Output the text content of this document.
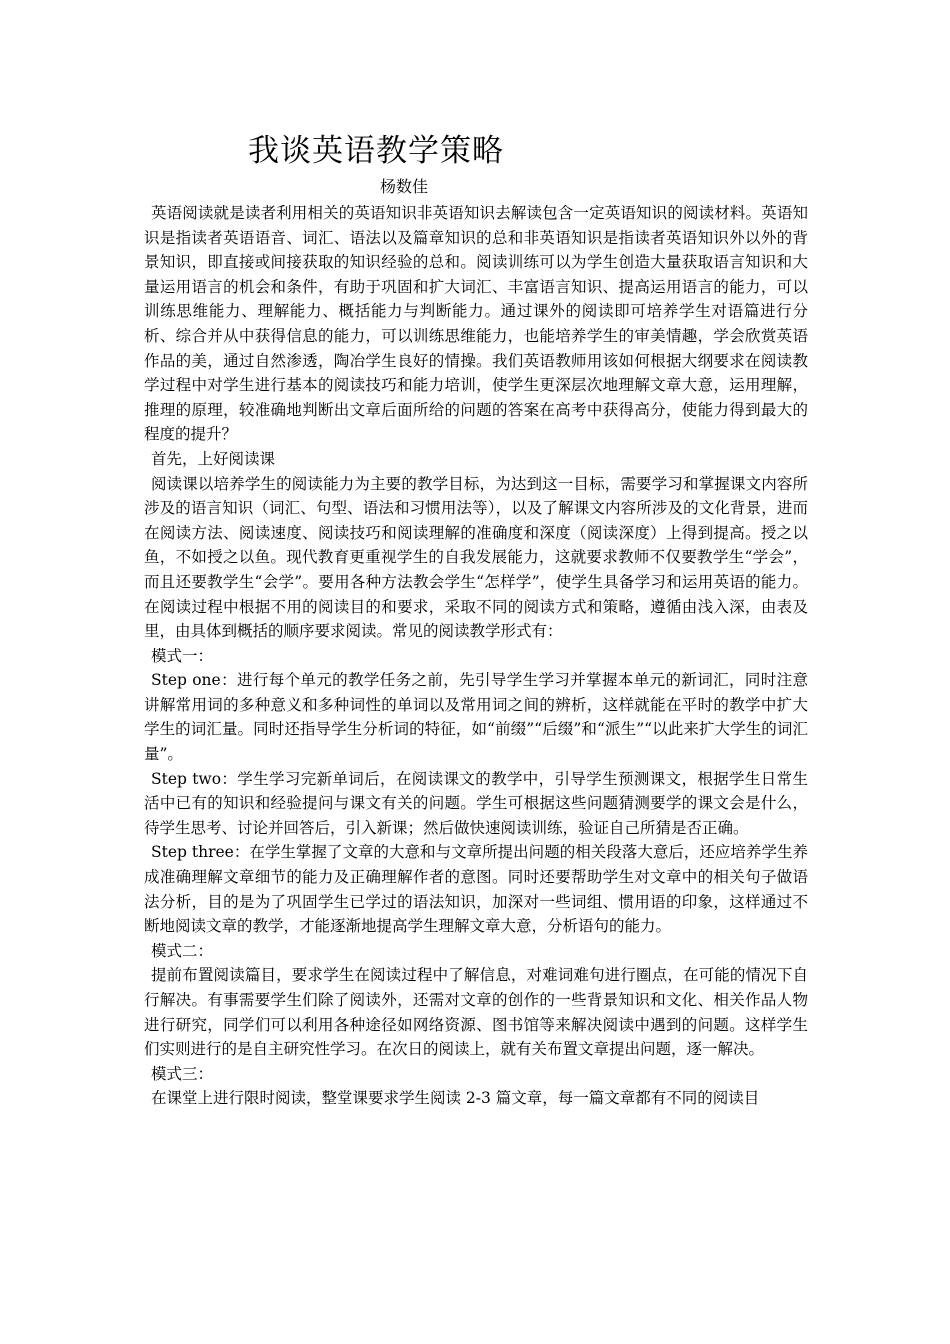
我谈英语教学策略
杨数佳

英语阅读就是读者利用相关的英语知识非英语知识去解读包含一定英语知识的阅读材料。英语知识是指读者英语语音、词汇、语法以及篇章知识的总和非英语知识是指读者英语知识外以外的背景知识，即直接或间接获取的知识经验的总和。阅读训练可以为学生创造大量获取语言知识和大量运用语言的机会和条件，有助于巩固和扩大词汇、丰富语言知识、提高运用语言的能力，可以训练思维能力、理解能力、概括能力与判断能力。通过课外的阅读即可培养学生对语篇进行分析、综合并从中获得信息的能力，可以训练思维能力，也能培养学生的审美情趣，学会欣赏英语作品的美，通过自然渗透，陶冶学生良好的情操。我们英语教师用该如何根据大纲要求在阅读教学过程中对学生进行基本的阅读技巧和能力培训，使学生更深层次地理解文章大意，运用理解，推理的原理，较准确地判断出文章后面所给的问题的答案在高考中获得高分，使能力得到最大的程度的提升？

首先，上好阅读课

阅读课以培养学生的阅读能力为主要的教学目标，为达到这一目标，需要学习和掌握课文内容所涉及的语言知识（词汇、句型、语法和习惯用法等），以及了解课文内容所涉及的文化背景，进而在阅读方法、阅读速度、阅读技巧和阅读理解的准确度和深度（阅读深度）上得到提高。授之以鱼，不如授之以鱼。现代教育更重视学生的自我发展能力，这就要求教师不仅要教学生“学会”，而且还要教学生“会学”。要用各种方法教会学生“怎样学”，使学生具备学习和运用英语的能力。在阅读过程中根据不用的阅读目的和要求，采取不同的阅读方式和策略，遵循由浅入深，由表及里，由具体到概括的顺序要求阅读。常见的阅读教学形式有：

模式一：

Step one：进行每个单元的教学任务之前，先引导学生学习并掌握本单元的新词汇，同时注意讲解常用词的多种意义和多种词性的单词以及常用词之间的辨析，这样就能在平时的教学中扩大学生的词汇量。同时还指导学生分析词的特征，如“前缀”“后缀”和“派生”“以此来扩大学生的词汇量”。

Step two：学生学习完新单词后，在阅读课文的教学中，引导学生预测课文，根据学生日常生活中已有的知识和经验提问与课文有关的问题。学生可根据这些问题猜测要学的课文会是什么，待学生思考、讨论并回答后，引入新课；然后做快速阅读训练，验证自己所猜是否正确。

Step three：在学生掌握了文章的大意和与文章所提出问题的相关段落大意后，还应培养学生养成准确理解文章细节的能力及正确理解作者的意图。同时还要帮助学生对文章中的相关句子做语法分析，目的是为了巩固学生已学过的语法知识，加深对一些词组、惯用语的印象，这样通过不断地阅读文章的教学，才能逐渐地提高学生理解文章大意，分析语句的能力。

模式二：

提前布置阅读篇目，要求学生在阅读过程中了解信息，对难词难句进行圈点，在可能的情况下自行解决。有事需要学生们除了阅读外，还需对文章的创作的一些背景知识和文化、相关作品人物进行研究，同学们可以利用各种途径如网络资源、图书馆等来解决阅读中遇到的问题。这样学生们实则进行的是自主研究性学习。在次日的阅读上，就有关布置文章提出问题，逐一解决。

模式三：

在课堂上进行限时阅读，整堂课要求学生阅读 2-3 篇文章，每一篇文章都有不同的阅读目
